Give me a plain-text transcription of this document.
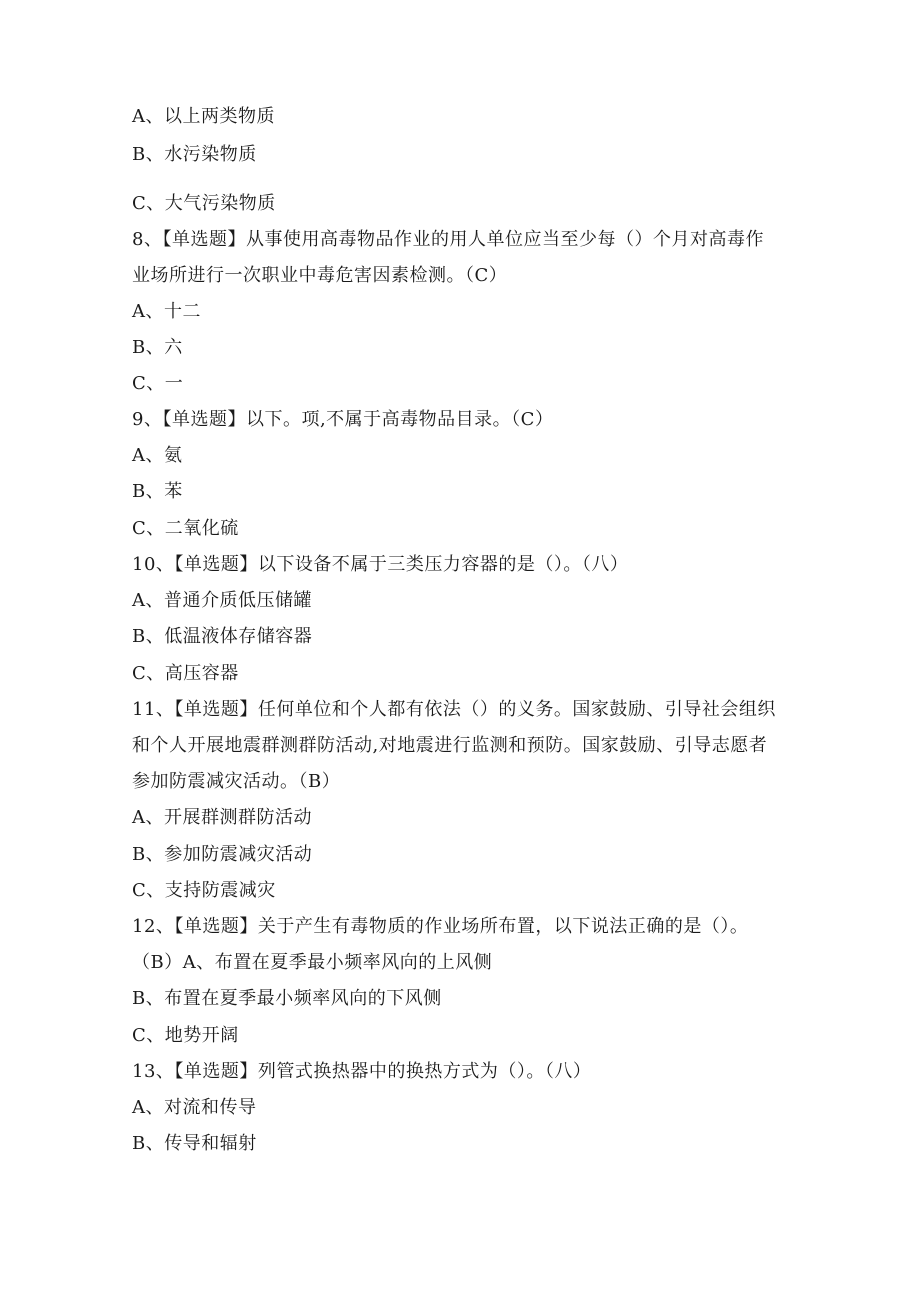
A、以上两类物质
B、水污染物质
C、大气污染物质
8、【单选题】从事使用高毒物品作业的用人单位应当至少每（）个月对高毒作
业场所进行一次职业中毒危害因素检测。（C）
A、十二
B、六
C、一
9、【单选题】以下。项,不属于高毒物品目录。（C）
A、氨
B、苯
C、二氧化硫
10、【单选题】以下设备不属于三类压力容器的是（）。（八）
A、普通介质低压储罐
B、低温液体存储容器
C、高压容器
11、【单选题】任何单位和个人都有依法（）的义务。国家鼓励、引导社会组织
和个人开展地震群测群防活动,对地震进行监测和预防。国家鼓励、引导志愿者
参加防震减灾活动。（B）
A、开展群测群防活动
B、参加防震减灾活动
C、支持防震减灾
12、【单选题】关于产生有毒物质的作业场所布置，以下说法正确的是（）。
（B）A、布置在夏季最小频率风向的上风侧
B、布置在夏季最小频率风向的下风侧
C、地势开阔
13、【单选题】列管式换热器中的换热方式为（）。（八）
A、对流和传导
B、传导和辐射
